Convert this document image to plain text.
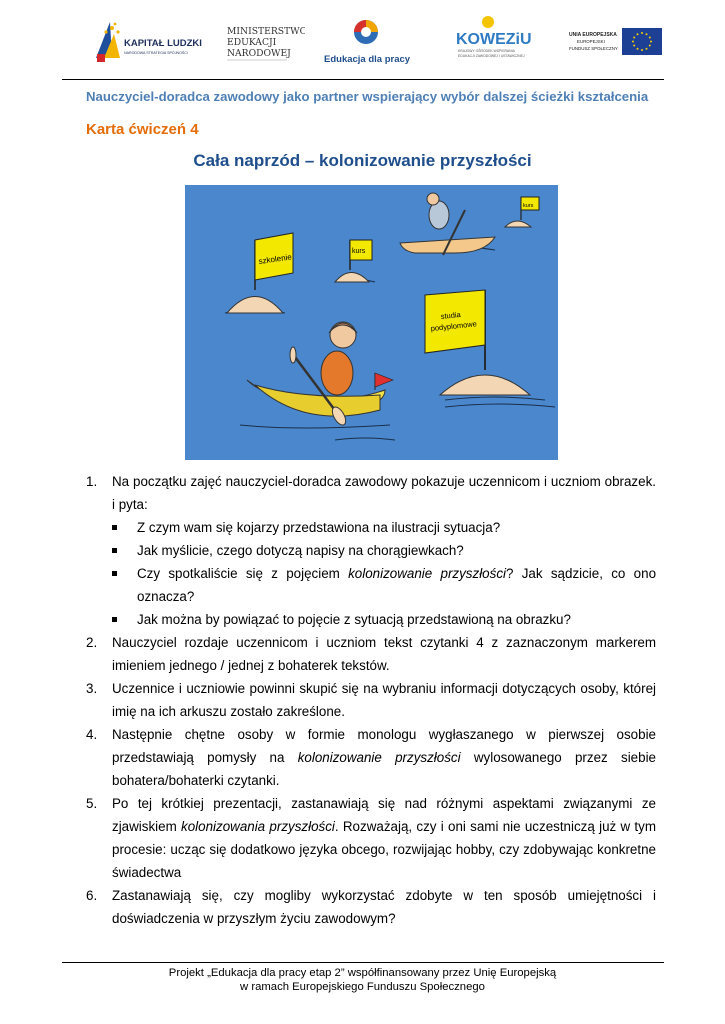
KAPITAŁ LUDZKI
NARODOWA STRATEGIA SPÓJNOŚCI
MINISTERSTWO
EDUKACJI
NARODOWEJ
Edukacja dla pracy
KOWEZiU
KRAJOWY OŚRODEK WSPIERANIA
EDUKACJI ZAWODOWEJ I USTAWICZNEJ
UNIA EUROPEJSKA
EUROPEJSKI
FUNDUSZ SPOŁECZNY
Nauczyciel-doradca zawodowy jako partner wspierający wybór dalszej ścieżki kształcenia
Karta ćwiczeń 4
Cała naprzód – kolonizowanie przyszłości
szkolenie
kurs
kurs
studia
podyplomowe
1. Na początku zajęć nauczyciel-doradca zawodowy pokazuje uczennicom i uczniom obrazek. i pyta:
Z czym wam się kojarzy przedstawiona na ilustracji sytuacja?
Jak myślicie, czego dotyczą napisy na chorągiewkach?
Czy spotkaliście się z pojęciem kolonizowanie przyszłości? Jak sądzicie, co ono oznacza?
Jak można by powiązać to pojęcie z sytuacją przedstawioną na obrazku?
2. Nauczyciel rozdaje uczennicom i uczniom tekst czytanki 4 z zaznaczonym markerem imieniem jednego / jednej z bohaterek tekstów.
3. Uczennice i uczniowie powinni skupić się na wybraniu informacji dotyczących osoby, której imię na ich arkuszu zostało zakreślone.
4. Następnie chętne osoby w formie monologu wygłaszanego w pierwszej osobie przedstawiają pomysły na kolonizowanie przyszłości wylosowanego przez siebie bohatera/bohaterki czytanki.
5. Po tej krótkiej prezentacji, zastanawiają się nad różnymi aspektami związanymi ze zjawiskiem kolonizowania przyszłości. Rozważają, czy i oni sami nie uczestniczą już w tym procesie: ucząc się dodatkowo języka obcego, rozwijając hobby, czy zdobywając konkretne świadectwa
6. Zastanawiają się, czy mogliby wykorzystać zdobyte w ten sposób umiejętności i doświadczenia w przyszłym życiu zawodowym?
Projekt „Edukacja dla pracy etap 2” współfinansowany przez Unię Europejską
w ramach Europejskiego Funduszu Społecznego
